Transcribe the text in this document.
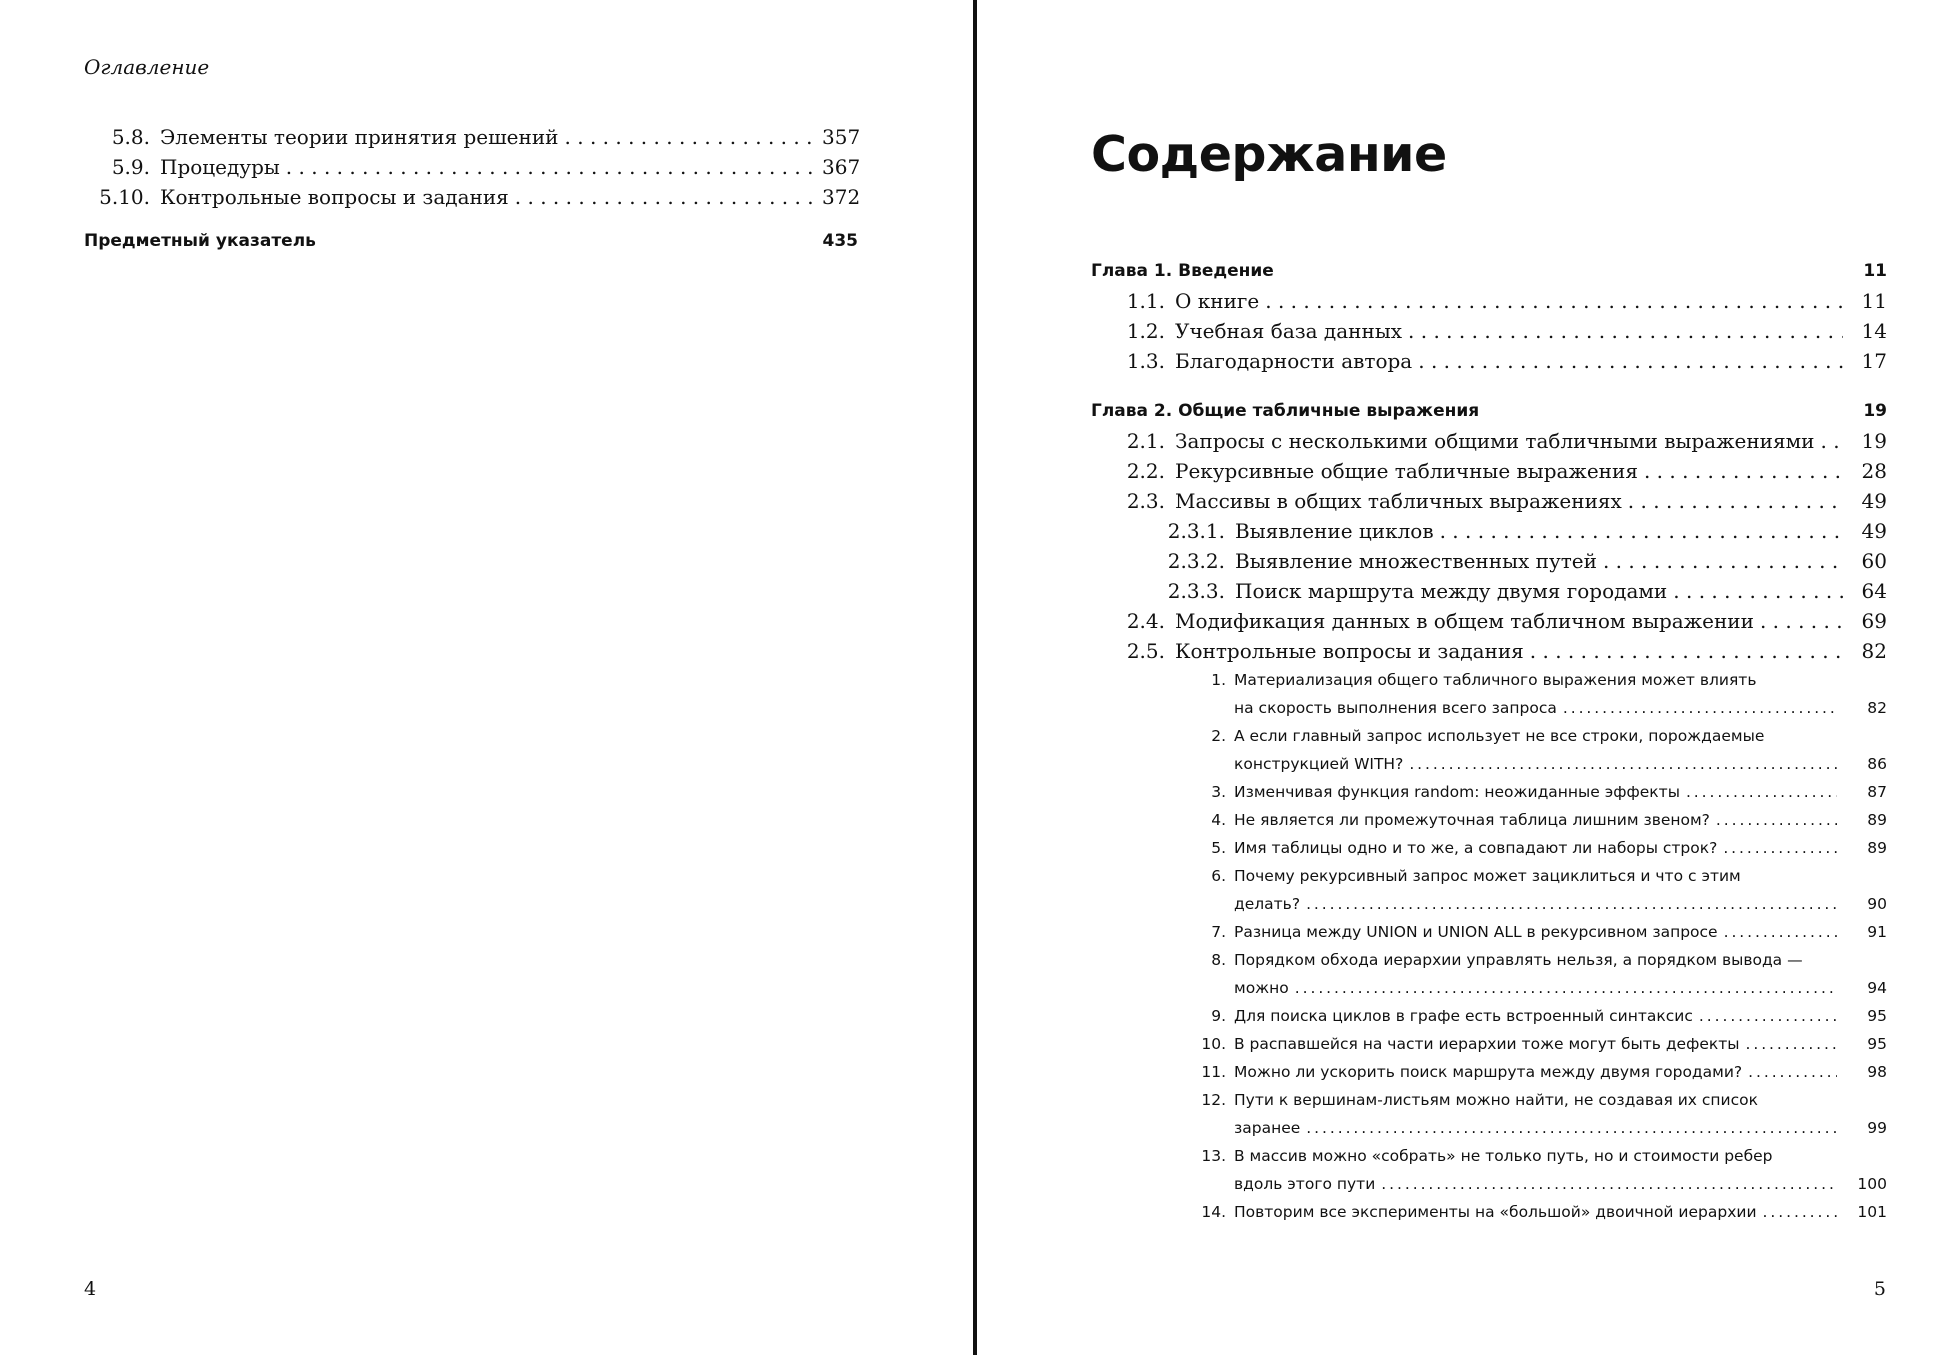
Оглавление
5.8. Элементы теории принятия решений . . .	357
5.9. Процедуры . . .	367
5.10. Контрольные вопросы и задания . . .	372
Предметный указатель	435
4
Содержание
Глава 1. Введение	11
1.1. О книге . . .	11
1.2. Учебная база данных . . .	14
1.3. Благодарности автора . . .	17
Глава 2. Общие табличные выражения	19
2.1. Запросы с несколькими общими табличными выражениями . . .	19
2.2. Рекурсивные общие табличные выражения . . .	28
2.3. Массивы в общих табличных выражениях . . .	49
2.3.1. Выявление циклов . . .	49
2.3.2. Выявление множественных путей . . .	60
2.3.3. Поиск маршрута между двумя городами . . .	64
2.4. Модификация данных в общем табличном выражении . . .	69
2.5. Контрольные вопросы и задания . . .	82
1. Материализация общего табличного выражения может влиять
на скорость выполнения всего запроса . . .	82
2. А если главный запрос использует не все строки, порождаемые
конструкцией WITH? . . .	86
3. Изменчивая функция random: неожиданные эффекты . . .	87
4. Не является ли промежуточная таблица лишним звеном? . . .	89
5. Имя таблицы одно и то же, а совпадают ли наборы строк? . . .	89
6. Почему рекурсивный запрос может зациклиться и что с этим
делать? . . .	90
7. Разница между UNION и UNION ALL в рекурсивном запросе . . .	91
8. Порядком обхода иерархии управлять нельзя, а порядком вывода —
можно . . .	94
9. Для поиска циклов в графе есть встроенный синтаксис . . .	95
10. В распавшейся на части иерархии тоже могут быть дефекты . . .	95
11. Можно ли ускорить поиск маршрута между двумя городами? . . .	98
12. Пути к вершинам-листьям можно найти, не создавая их список
заранее . . .	99
13. В массив можно «собрать» не только путь, но и стоимости ребер
вдоль этого пути . . .	100
14. Повторим все эксперименты на «большой» двоичной иерархии . . .	101
5
